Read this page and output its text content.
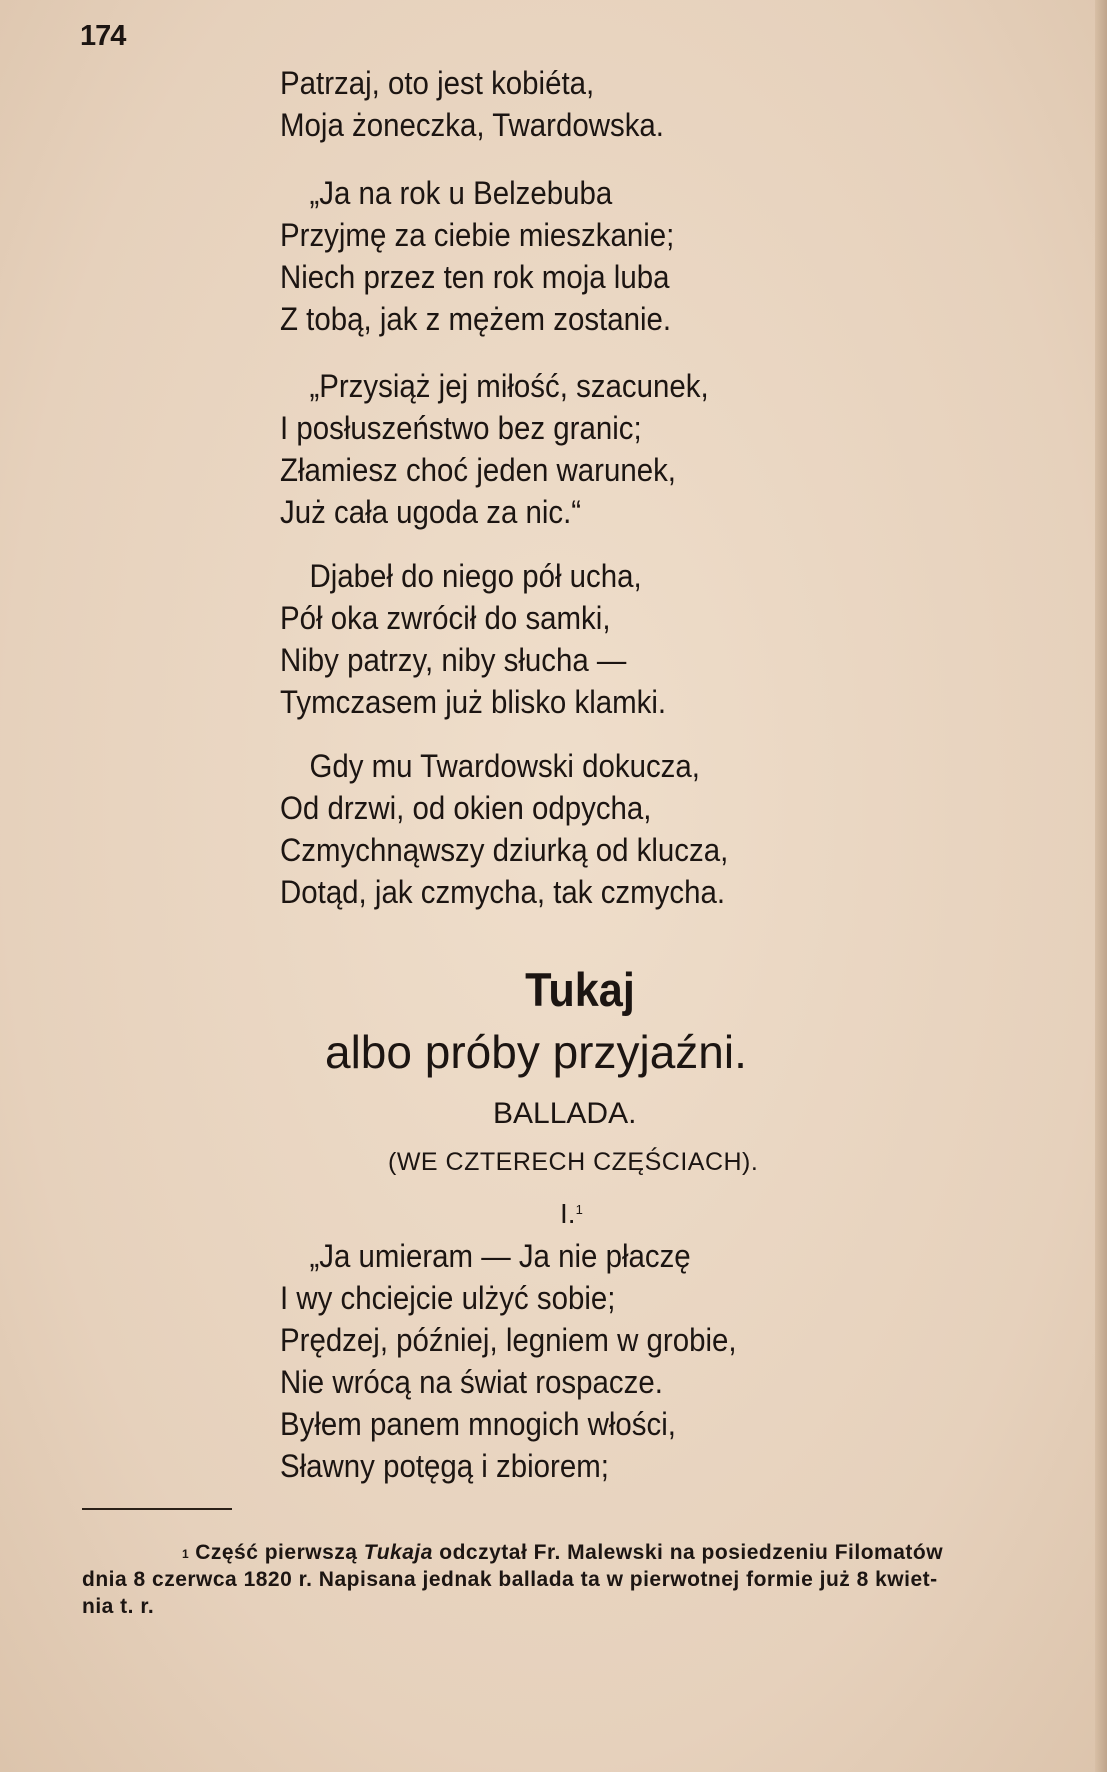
174
Patrzaj, oto jest kobiéta,
Moja żoneczka, Twardowska.
„Ja na rok u Belzebuba
Przyjmę za ciebie mieszkanie;
Niech przez ten rok moja luba
Z tobą, jak z mężem zostanie.
„Przysiąż jej miłość, szacunek,
I posłuszeństwo bez granic;
Złamiesz choć jeden warunek,
Już cała ugoda za nic.“
Djabeł do niego pół ucha,
Pół oka zwrócił do samki,
Niby patrzy, niby słucha —
Tymczasem już blisko klamki.
Gdy mu Twardowski dokucza,
Od drzwi, od okien odpycha,
Czmychnąwszy dziurką od klucza,
Dotąd, jak czmycha, tak czmycha.
Tukaj
albo próby przyjaźni.
BALLADA.
(WE CZTERECH CZĘŚCIACH).
I.$^1$
„Ja umieram — Ja nie płaczę
I wy chciejcie ulżyć sobie;
Prędzej, później, legniem w grobie,
Nie wrócą na świat rospacze.
Byłem panem mnogich włości,
Sławny potęgą i zbiorem;
$^1$ Część pierwszą Tukaja odczytał Fr. Malewski na posiedzeniu Filomatów
dnia 8 czerwca 1820 r. Napisana jednak ballada ta w pierwotnej formie już 8 kwiet-
nia t. r.
